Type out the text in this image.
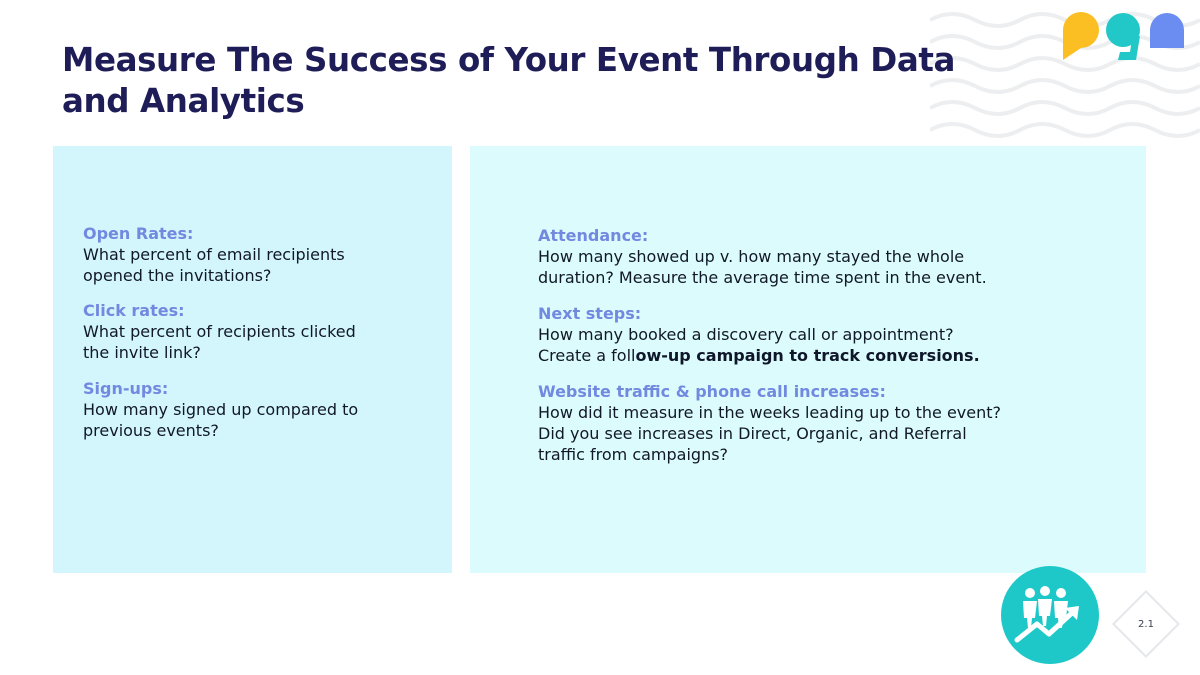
Measure The Success of Your Event Through Data and Analytics
Open Rates:
What percent of email recipients
opened the invitations?
Click rates:
What percent of recipients clicked
the invite link?
Sign-ups:
How many signed up compared to
previous events?
Attendance:
How many showed up v. how many stayed the whole
duration? Measure the average time spent in the event.
Next steps:
How many booked a discovery call or appointment?
Create a follow-up campaign to track conversions.
Website traffic & phone call increases:
How did it measure in the weeks leading up to the event?
Did you see increases in Direct, Organic, and Referral
traffic from campaigns?
2.1
